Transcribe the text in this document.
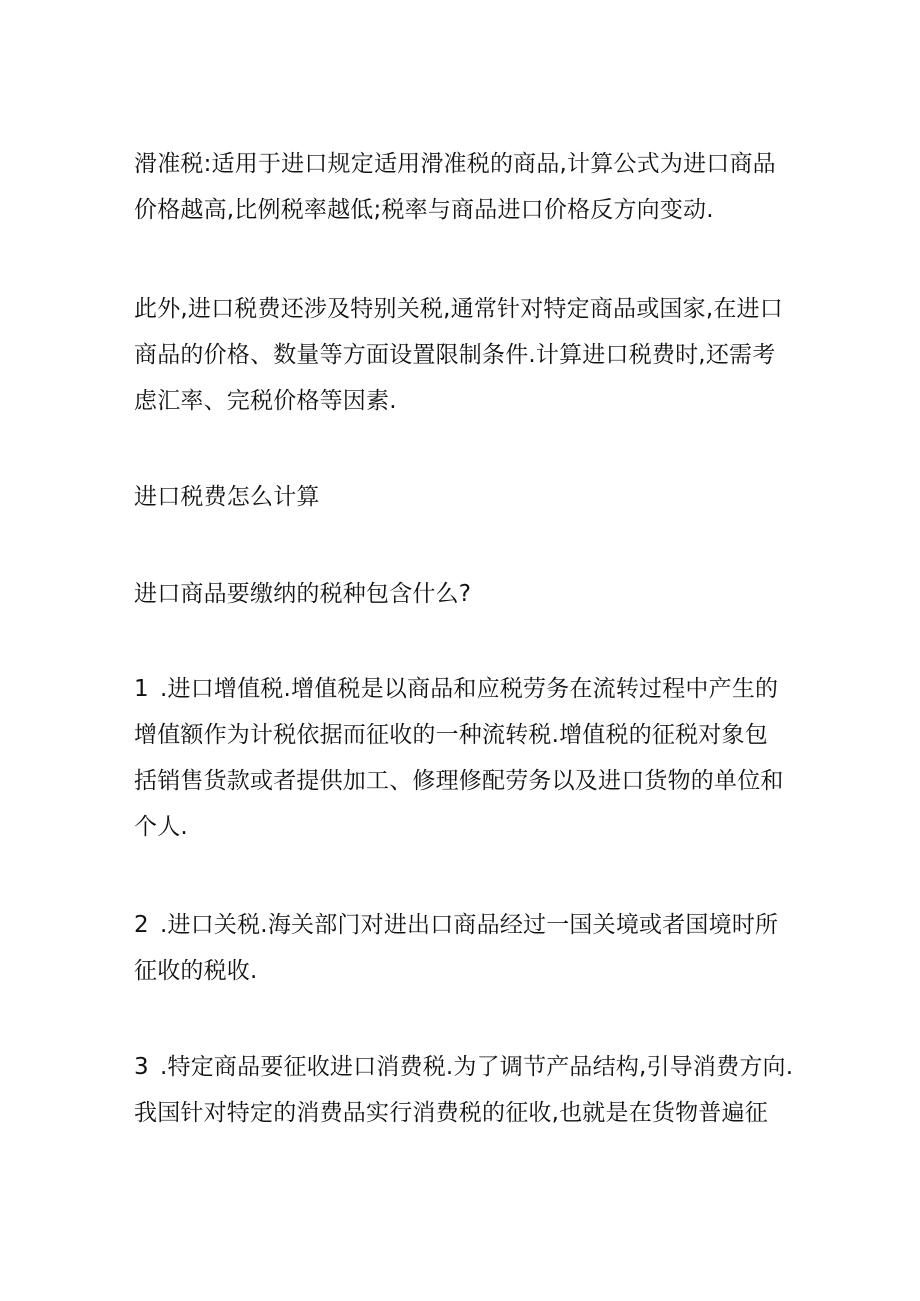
滑准税:适用于进口规定适用滑准税的商品,计算公式为进口商品
价格越高,比例税率越低;税率与商品进口价格反方向变动.

此外,进口税费还涉及特别关税,通常针对特定商品或国家,在进口
商品的价格、数量等方面设置限制条件.计算进口税费时,还需考
虑汇率、完税价格等因素.

进口税费怎么计算

进口商品要缴纳的税种包含什么?

1 .进口增值税.增值税是以商品和应税劳务在流转过程中产生的
增值额作为计税依据而征收的一种流转税.增值税的征税对象包
括销售货款或者提供加工、修理修配劳务以及进口货物的单位和
个人.

2 .进口关税.海关部门对进出口商品经过一国关境或者国境时所
征收的税收.

3 .特定商品要征收进口消费税.为了调节产品结构,引导消费方向.
我国针对特定的消费品实行消费税的征收,也就是在货物普遍征
